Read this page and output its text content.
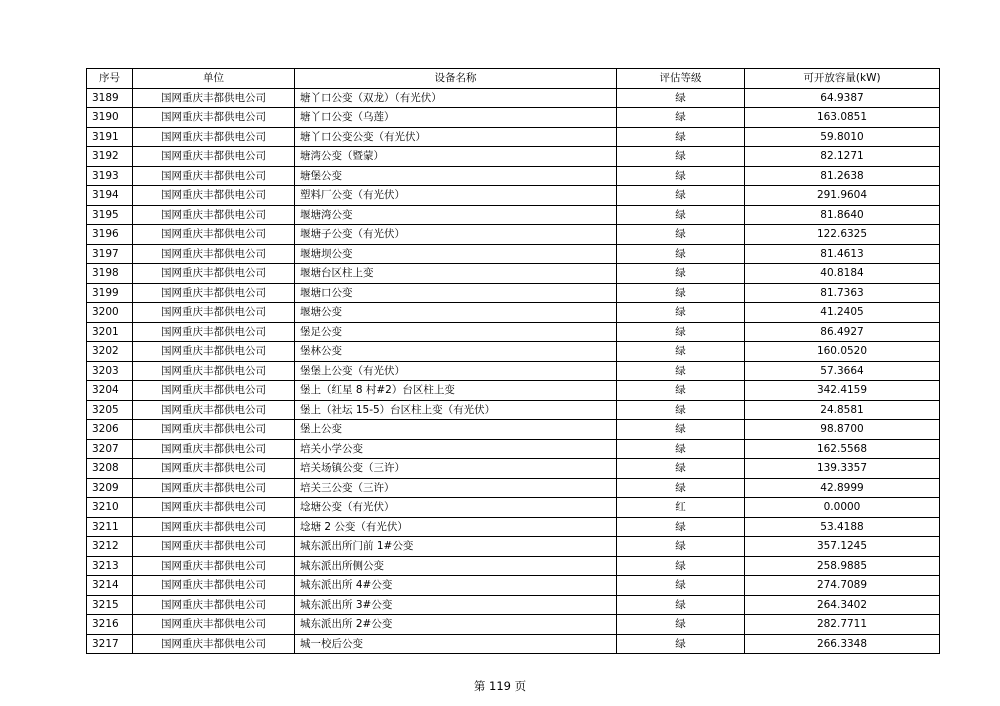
序号	单位	设备名称	评估等级	可开放容量(kW)
3189	国网重庆丰都供电公司	塘丫口公变（双龙）（有光伏）	绿	64.9387
3190	国网重庆丰都供电公司	塘丫口公变（乌莲）	绿	163.0851
3191	国网重庆丰都供电公司	塘丫口公变公变（有光伏）	绿	59.8010
3192	国网重庆丰都供电公司	塘湾公变（暨蒙）	绿	82.1271
3193	国网重庆丰都供电公司	塘堡公变	绿	81.2638
3194	国网重庆丰都供电公司	塑料厂公变（有光伏）	绿	291.9604
3195	国网重庆丰都供电公司	堰塘湾公变	绿	81.8640
3196	国网重庆丰都供电公司	堰塘子公变（有光伏）	绿	122.6325
3197	国网重庆丰都供电公司	堰塘坝公变	绿	81.4613
3198	国网重庆丰都供电公司	堰塘台区柱上变	绿	40.8184
3199	国网重庆丰都供电公司	堰塘口公变	绿	81.7363
3200	国网重庆丰都供电公司	堰塘公变	绿	41.2405
3201	国网重庆丰都供电公司	堡足公变	绿	86.4927
3202	国网重庆丰都供电公司	堡林公变	绿	160.0520
3203	国网重庆丰都供电公司	堡堡上公变（有光伏）	绿	57.3664
3204	国网重庆丰都供电公司	堡上（红星 8 村#2）台区柱上变	绿	342.4159
3205	国网重庆丰都供电公司	堡上（社坛 15-5）台区柱上变（有光伏）	绿	24.8581
3206	国网重庆丰都供电公司	堡上公变	绿	98.8700
3207	国网重庆丰都供电公司	培关小学公变	绿	162.5568
3208	国网重庆丰都供电公司	培关场镇公变（三许）	绿	139.3357
3209	国网重庆丰都供电公司	培关三公变（三许）	绿	42.8999
3210	国网重庆丰都供电公司	埝塘公变（有光伏）	红	0.0000
3211	国网重庆丰都供电公司	埝塘 2 公变（有光伏）	绿	53.4188
3212	国网重庆丰都供电公司	城东派出所门前 1#公变	绿	357.1245
3213	国网重庆丰都供电公司	城东派出所侧公变	绿	258.9885
3214	国网重庆丰都供电公司	城东派出所 4#公变	绿	274.7089
3215	国网重庆丰都供电公司	城东派出所 3#公变	绿	264.3402
3216	国网重庆丰都供电公司	城东派出所 2#公变	绿	282.7711
3217	国网重庆丰都供电公司	城一校后公变	绿	266.3348
第 119 页
